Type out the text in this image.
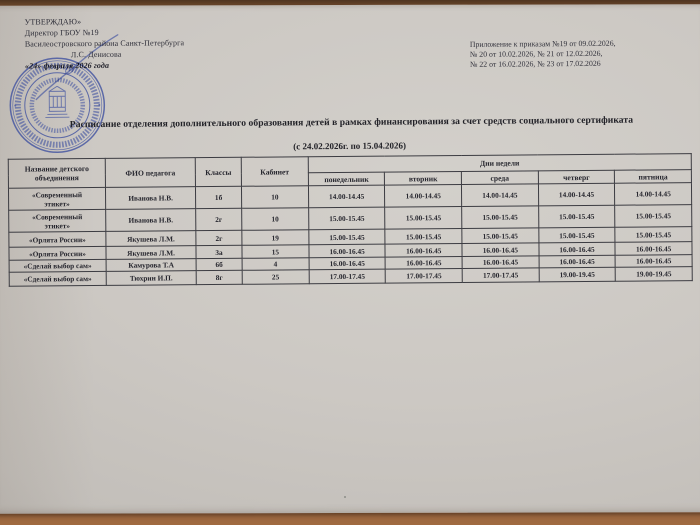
УТВЕРЖДАЮ»
Директор ГБОУ №19
Василеостровского района Санкт-Петербурга
Л.С. Денисова
«24» февраля 2026 года
Приложение к приказам №19 от 09.02.2026,
№ 20 от 10.02.2026, № 21 от 12.02.2026,
№ 22 от 16.02.2026, № 23 от 17.02.2026
Расписание отделения дополнительного образования детей в рамках финансирования за счет средств социального сертификата
(с 24.02.2026г. по 15.04.2026)
Название детского объединения	ФИО педагога	Классы	Кабинет	Дни недели				
				понедельник	вторник	среда	четверг	пятница
«Современный этикет»	Иванова Н.В.	1б	10	14.00-14.45	14.00-14.45	14.00-14.45	14.00-14.45	14.00-14.45
«Современный этикет»	Иванова Н.В.	2г	10	15.00-15.45	15.00-15.45	15.00-15.45	15.00-15.45	15.00-15.45
«Орлята России»	Якушева Л.М.	2г	19	15.00-15.45	15.00-15.45	15.00-15.45	15.00-15.45	15.00-15.45
«Орлята России»	Якушева Л.М.	3а	15	16.00-16.45	16.00-16.45	16.00-16.45	16.00-16.45	16.00-16.45
«Сделай выбор сам»	Камурова Т.А	6б	4	16.00-16.45	16.00-16.45	16.00-16.45	16.00-16.45	16.00-16.45
«Сделай выбор сам»	Тюхрин И.П.	8г	25	17.00-17.45	17.00-17.45	17.00-17.45	19.00-19.45	19.00-19.45
